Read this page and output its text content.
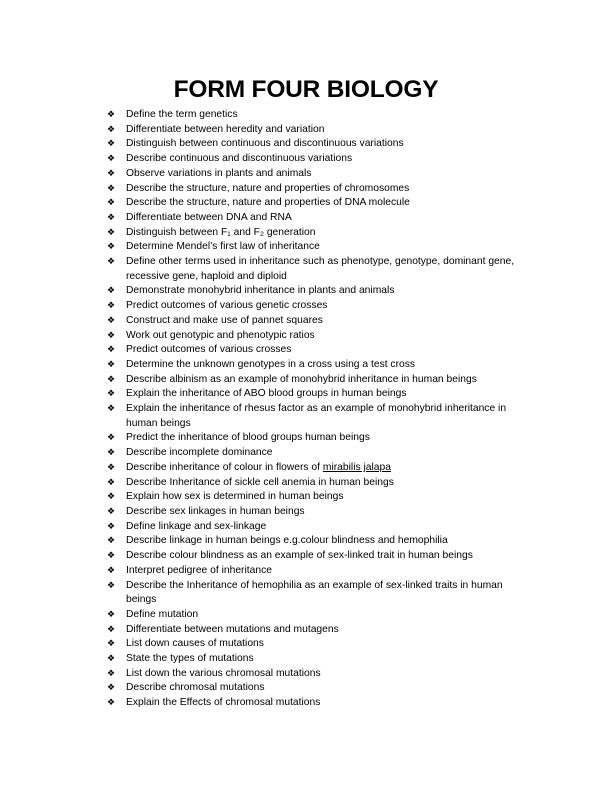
FORM FOUR BIOLOGY
❖	Define the term genetics
❖	Differentiate between heredity and variation
❖	Distinguish between continuous and discontinuous variations
❖	Describe continuous and discontinuous variations
❖	Observe variations in plants and animals
❖	Describe the structure, nature and properties of chromosomes
❖	Describe the structure, nature and properties of DNA molecule
❖	Differentiate between DNA and RNA
❖	Distinguish between F₁ and F₂ generation
❖	Determine Mendel’s first law of inheritance
❖	Define other terms used in inheritance such as phenotype, genotype, dominant gene, recessive gene, haploid and diploid
❖	Demonstrate monohybrid inheritance in plants and animals
❖	Predict outcomes of various genetic crosses
❖	Construct and make use of pannet squares
❖	Work out genotypic and phenotypic ratios
❖	Predict outcomes of various crosses
❖	Determine the unknown genotypes in a cross using a test cross
❖	Describe albinism as an example of monohybrid inheritance in human beings
❖	Explain the inheritance of ABO blood groups in human beings
❖	Explain the inheritance of rhesus factor as an example of monohybrid inheritance in human beings
❖	Predict the inheritance of blood groups human beings
❖	Describe incomplete dominance
❖	Describe inheritance of colour in flowers of mirabilis jalapa
❖	Describe Inheritance of sickle cell anemia in human beings
❖	Explain how sex is determined in human beings
❖	Describe sex linkages in human beings
❖	Define linkage and sex-linkage
❖	Describe linkage in human beings e.g.colour blindness and hemophilia
❖	Describe colour blindness as an example of sex-linked trait in human beings
❖	Interpret pedigree of inheritance
❖	Describe the Inheritance of hemophilia as an example of sex-linked traits in human beings
❖	Define mutation
❖	Differentiate between mutations and mutagens
❖	List down causes of mutations
❖	State the types of mutations
❖	List down the various chromosal mutations
❖	Describe chromosal mutations
❖	Explain the Effects of chromosal mutations
